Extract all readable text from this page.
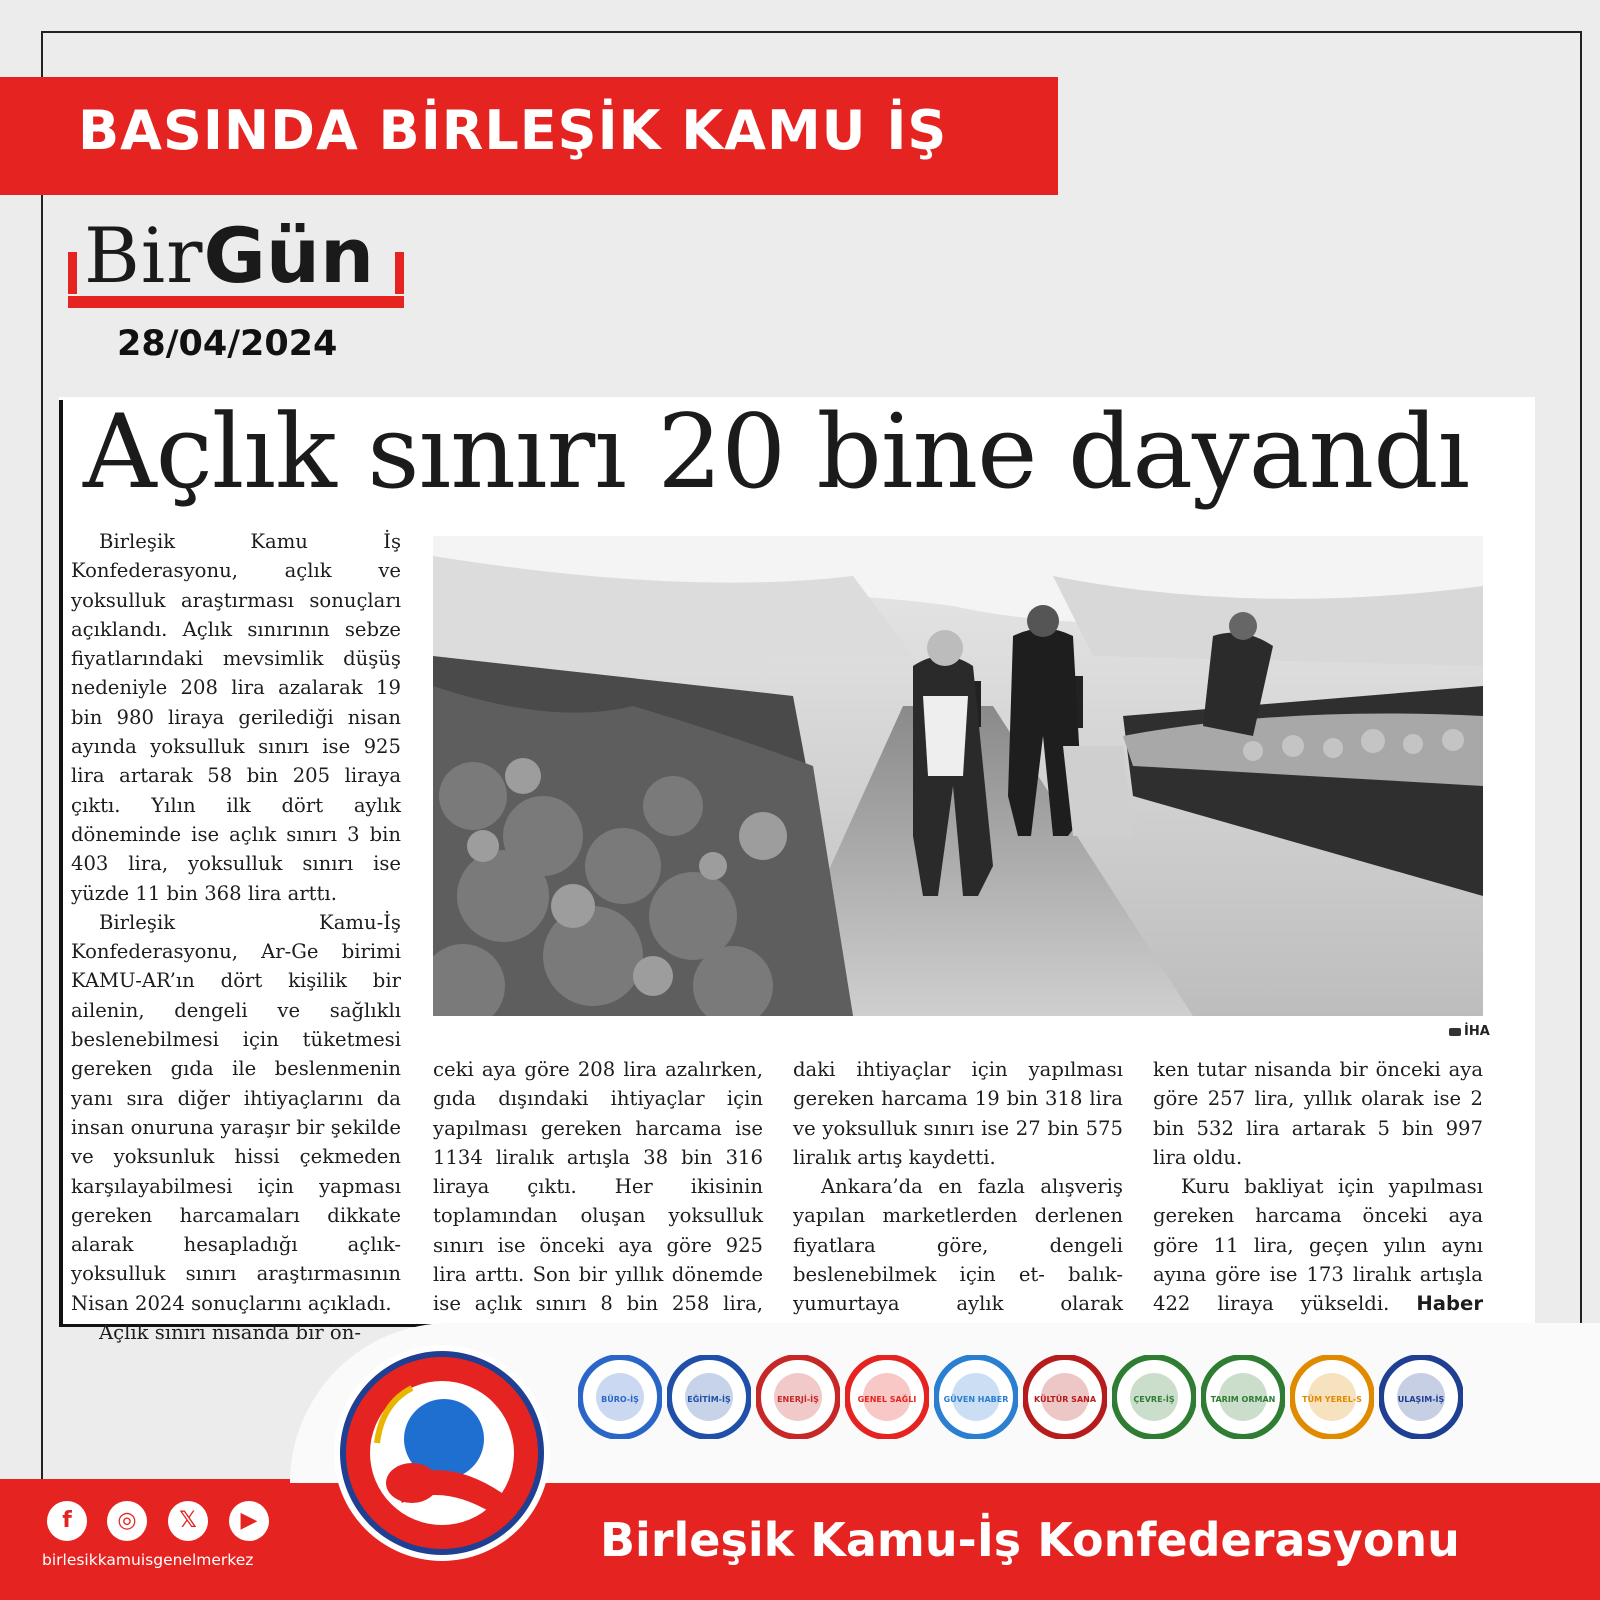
BASINDA BİRLEŞİK KAMU İŞ
BirGün
28/04/2024
Açlık sınırı 20 bine dayandı

Birleşik Kamu İş Konfederasyonu, açlık ve yoksulluk araştırması sonuçları açıklandı. Açlık sınırının sebze fiyatlarındaki mevsimlik düşüş nedeniyle 208 lira azalarak 19 bin 980 liraya gerilediği nisan ayında yoksulluk sınırı ise 925 lira artarak 58 bin 205 liraya çıktı. Yılın ilk dört aylık döneminde ise açlık sınırı 3 bin 403 lira, yoksulluk sınırı ise yüzde 11 bin 368 lira arttı.

Birleşik Kamu-İş Konfederasyonu, Ar-Ge birimi KAMU-AR’ın dört kişilik bir ailenin, dengeli ve sağlıklı beslenebilmesi için tüketmesi gereken gıda ile beslenmenin yanı sıra diğer ihtiyaçlarını da insan onuruna yaraşır bir şekilde ve yoksunluk hissi çekmeden karşılayabilmesi için yapması gereken harcamaları dikkate alarak hesapladığı açlık-yoksulluk sınırı araştırmasının Nisan 2024 sonuçlarını açıkladı.

Açlık sınırı nisanda bir ön-

İHA

ceki aya göre 208 lira azalırken, gıda dışındaki ihtiyaçlar için yapılması gereken harcama ise 1134 liralık artışla 38 bin 316 liraya çıktı. Her ikisinin toplamından oluşan yoksulluk sınırı ise önceki aya göre 925 lira arttı. Son bir yıllık dönemde ise açlık sınırı 8 bin 258 lira,

daki ihtiyaçlar için yapılması gereken harcama 19 bin 318 lira ve yoksulluk sınırı ise 27 bin 575 liralık artış kaydetti.

Ankara’da en fazla alışveriş yapılan marketlerden derlenen fiyatlara göre, dengeli beslenebilmek için et- balık- yumurtaya aylık olarak

ken tutar nisanda bir önceki aya göre 257 lira, yıllık olarak ise 2 bin 532 lira artarak 5 bin 997 lira oldu.

Kuru bakliyat için yapılması gereken harcama önceki aya göre 11 lira, geçen yılın aynı ayına göre ise 173 liralık artışla 422 liraya yükseldi. Haber

BÜRO-İŞ	EĞİTİM-İŞ	ENERJİ-İŞ	GENEL SAĞLI	GÜVEN HABER	KÜLTÜR SANA	ÇEVRE-İŞ	TARIM ORMAN	TÜM YEREL-S	ULAŞIM-İŞ
Birleşik Kamu-İş Konfederasyonu
f	◎	𝕏	▶
birlesikkamuisgenelmerkez
